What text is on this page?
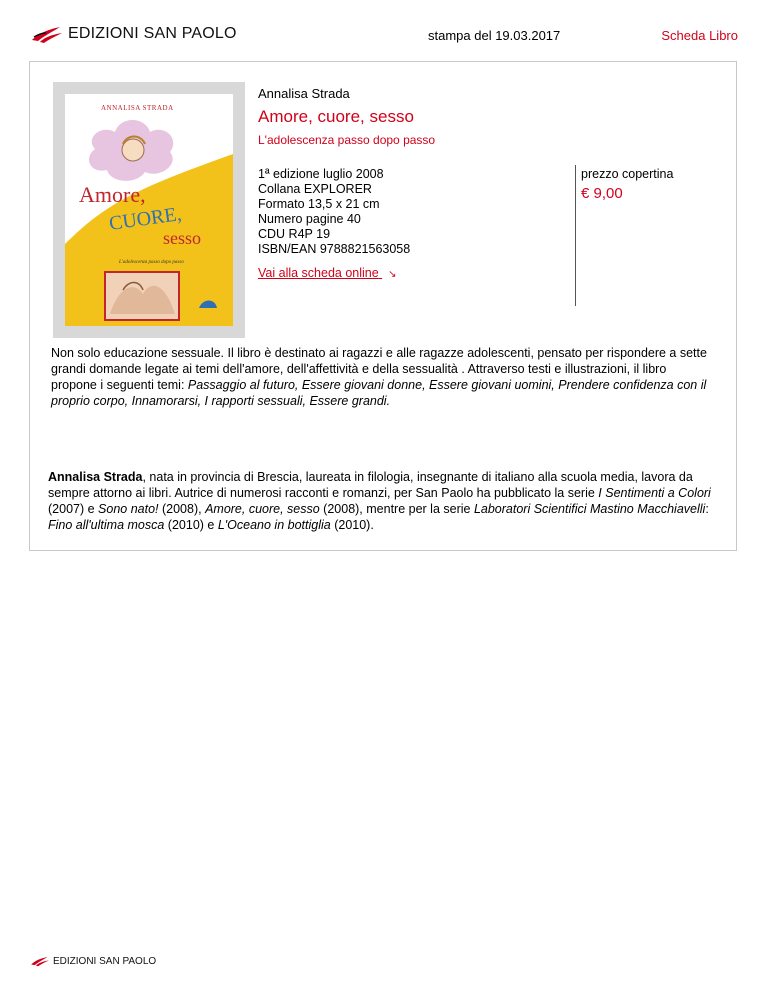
EDIZIONI SAN PAOLO	stampa del 19.03.2017	Scheda Libro
ANNALISA STRADA
Amore,
CUORE,
sesso
L'adolescenza passo dopo passo
Annalisa Strada
Amore, cuore, sesso
L'adolescenza passo dopo passo
1ª edizione luglio 2008
Collana EXPLORER
Formato 13,5 x 21 cm
Numero pagine 40
CDU R4P 19
ISBN/EAN 9788821563058
Vai alla scheda online ↘
prezzo copertina
€ 9,00
Non solo educazione sessuale. Il libro è destinato ai ragazzi e alle ragazze adolescenti, pensato per rispondere a sette grandi domande legate ai temi dell'amore, dell'affettività e della sessualità . Attraverso testi e illustrazioni, il libro propone i seguenti temi: Passaggio al futuro, Essere giovani donne, Essere giovani uomini, Prendere confidenza con il proprio corpo, Innamorarsi, I rapporti sessuali, Essere grandi.
Annalisa Strada, nata in provincia di Brescia, laureata in filologia, insegnante di italiano alla scuola media, lavora da sempre attorno ai libri. Autrice di numerosi racconti e romanzi, per San Paolo ha pubblicato la serie I Sentimenti a Colori (2007) e Sono nato! (2008), Amore, cuore, sesso (2008), mentre per la serie Laboratori Scientifici Mastino Macchiavelli: Fino all'ultima mosca (2010) e L'Oceano in bottiglia (2010).
EDIZIONI SAN PAOLO
